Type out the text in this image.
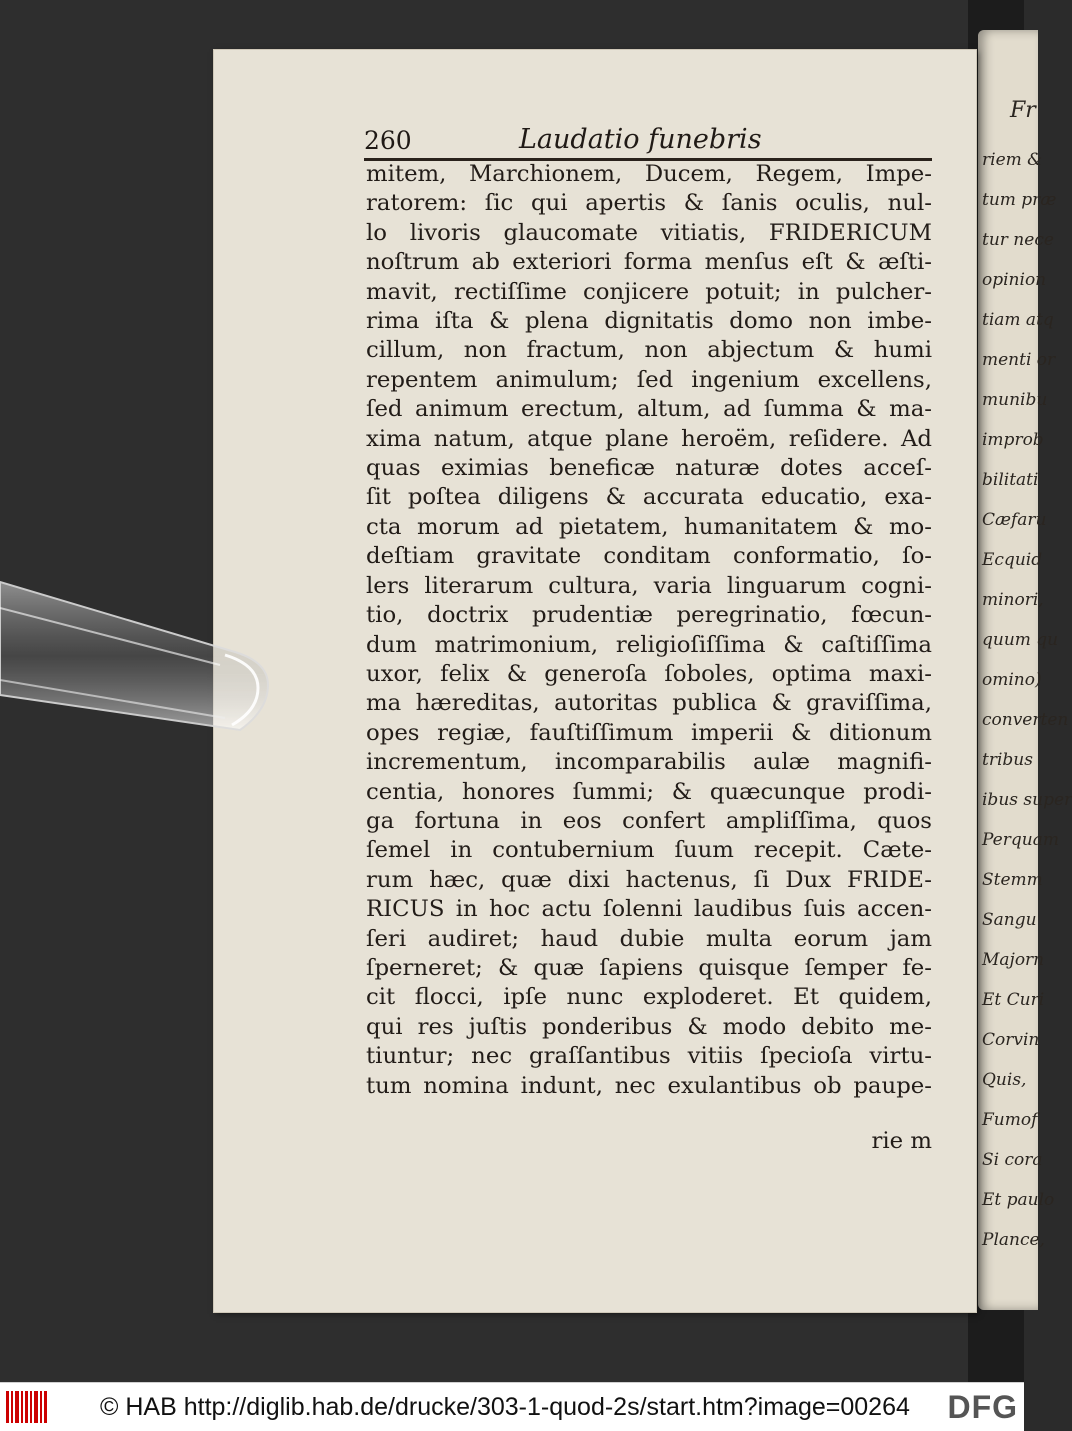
Fr
riem &
tum præ
tur nece
opinion
tiam atq
menti or
munibu
improb
bilitati
Cæfaru
Ecquid
minori,
quum qu
omino)
converten
tribus
ibus super
Perquam
Stemm
Sangu
Majorn
Et Curi
Corvin
Quis,
Fumof
Si cora
Et paulo
Plance,
260	Laudatio funebris
mitem, Marchionem, Ducem, Regem, Impe-
ratorem: ſic qui apertis & ſanis oculis, nul-
lo livoris glaucomate vitiatis, FRIDERICUM
noſtrum ab exteriori forma menſus eſt & æſti-
mavit, rectiſſime conjicere potuit; in pulcher-
rima iſta & plena dignitatis domo non imbe-
cillum, non fractum, non abjectum & humi
repentem animulum; ſed ingenium excellens,
ſed animum erectum, altum, ad ſumma & ma-
xima natum, atque plane heroëm, reſidere. Ad
quas eximias beneficæ naturæ dotes acceſ-
ſit poſtea diligens & accurata educatio, exa-
cta morum ad pietatem, humanitatem & mo-
deſtiam gravitate conditam conformatio, ſo-
lers literarum cultura, varia linguarum cogni-
tio, doctrix prudentiæ peregrinatio, fœcun-
dum matrimonium, religioſiſſima & caſtiſſima
uxor, felix & generoſa ſoboles, optima maxi-
ma hæreditas, autoritas publica & graviſſima,
opes regiæ, fauſtiſſimum imperii & ditionum
incrementum, incomparabilis aulæ magnifi-
centia, honores ſummi; & quæcunque prodi-
ga fortuna in eos confert ampliſſima, quos
ſemel in contubernium ſuum recepit. Cæte-
rum hæc, quæ dixi hactenus, ſi Dux FRIDE-
RICUS in hoc actu ſolenni laudibus ſuis accen-
ſeri audiret; haud dubie multa eorum jam
ſperneret; & quæ ſapiens quisque ſemper fe-
cit flocci, ipſe nunc exploderet. Et quidem,
qui res juſtis ponderibus & modo debito me-
tiuntur; nec graſſantibus vitiis ſpecioſa virtu-
tum nomina indunt, nec exulantibus ob paupe-
rie m
© HAB http://diglib.hab.de/drucke/303-1-quod-2s/start.htm?image=00264 DFG
